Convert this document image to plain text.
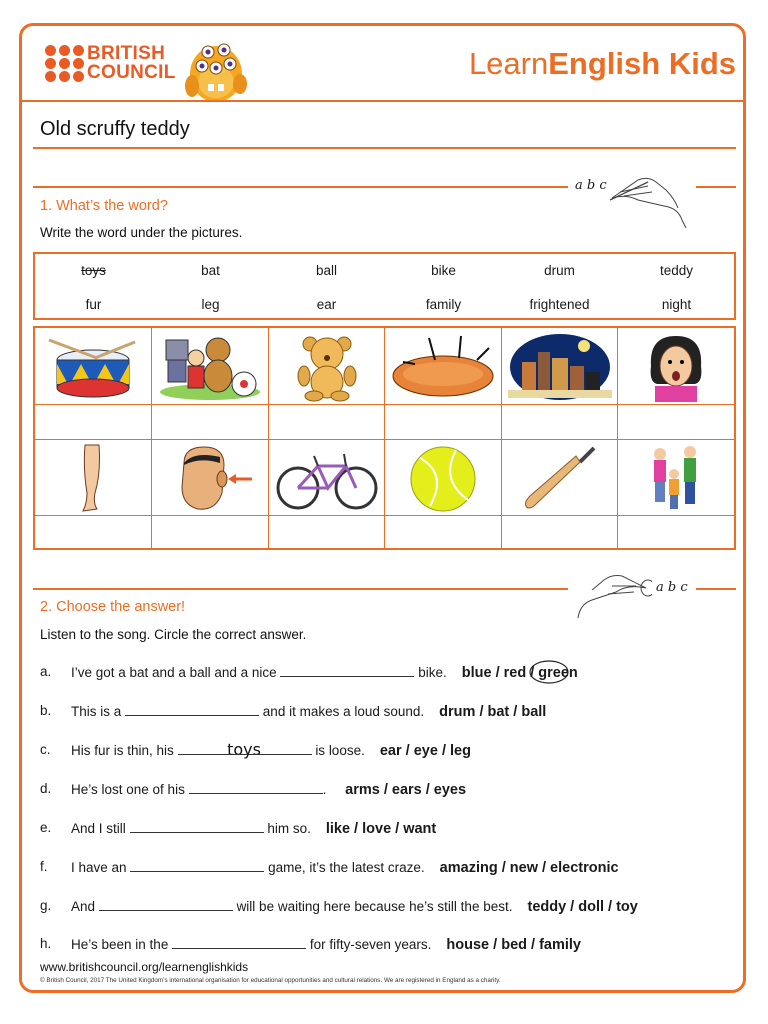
BRITISH
COUNCIL	LearnEnglish Kids
Old scruffy teddy
a b c
1. What’s the word?
Write the word under the pictures.
toys	bat	ball	bike	drum	teddy
fur	leg	ear	family	frightened	night
toys
a b c
2. Choose the answer!
Listen to the song. Circle the correct answer.
a. I’ve got a bat and a ball and a nice	bike. blue / red / green
b. This is a	and it makes a loud sound. drum / bat / ball
c. His fur is thin, his	is loose. ear / eye / leg
d. He’s lost one of his	. arms / ears / eyes
e. And I still	him so. like / love / want
f. I have an	game, it’s the latest craze. amazing / new / electronic
g. And	will be waiting here because he’s still the best. teddy / doll / toy
h. He’s been in the	for fifty-seven years. house / bed / family
www.britishcouncil.org/learnenglishkids
© British Council, 2017 The United Kingdom’s international organisation for educational opportunities and cultural relations. We are registered in England as a charity.
